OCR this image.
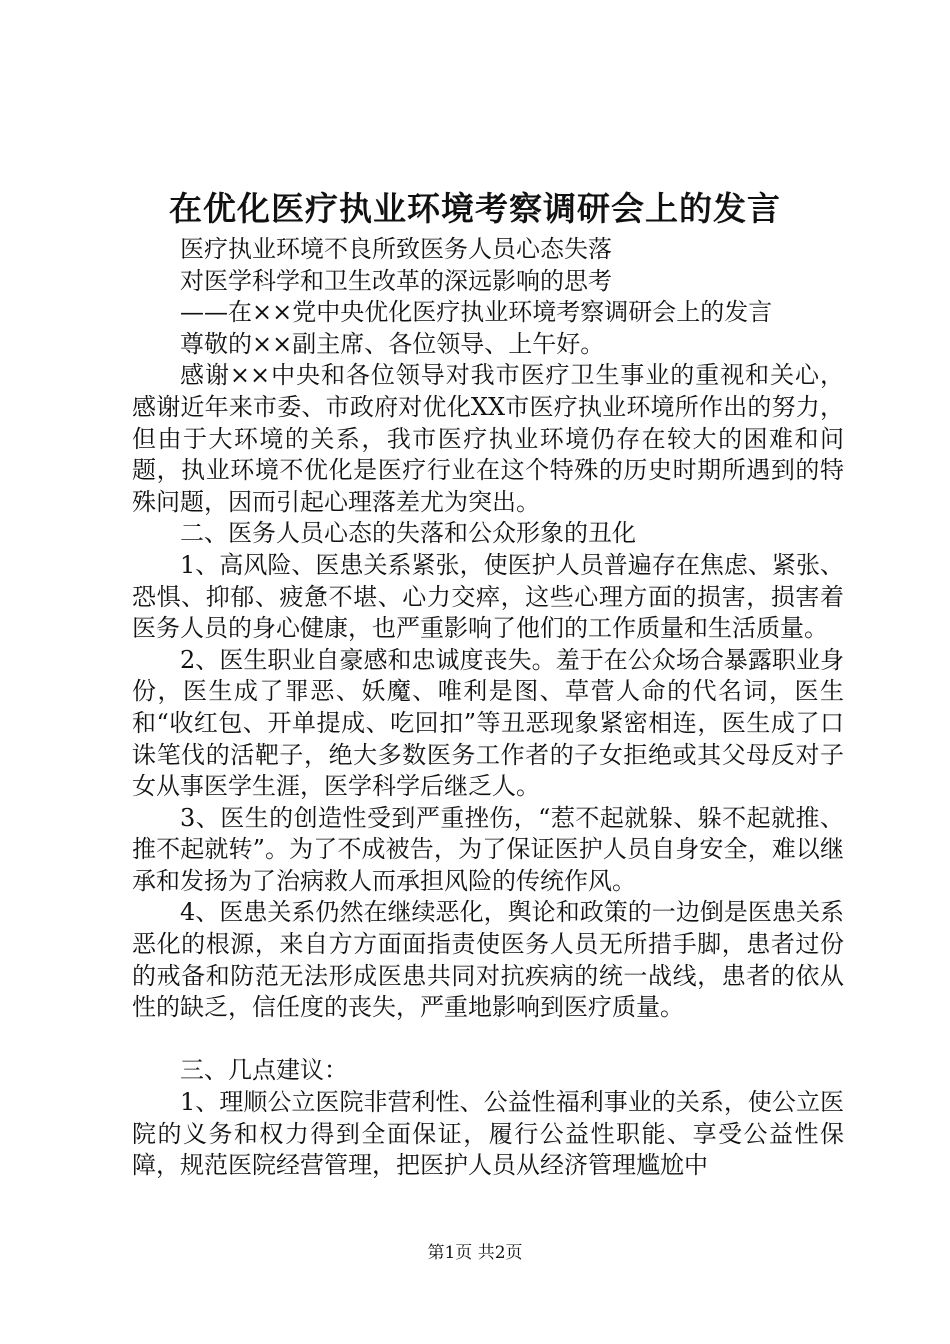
在优化医疗执业环境考察调研会上的发言

医疗执业环境不良所致医务人员心态失落

对医学科学和卫生改革的深远影响的思考

——在××党中央优化医疗执业环境考察调研会上的发言

尊敬的××副主席、各位领导、上午好。

感谢××中央和各位领导对我市医疗卫生事业的重视和关心，感谢近年来市委、市政府对优化XX市医疗执业环境所作出的努力，但由于大环境的关系，我市医疗执业环境仍存在较大的困难和问题，执业环境不优化是医疗行业在这个特殊的历史时期所遇到的特殊问题，因而引起心理落差尤为突出。

二、医务人员心态的失落和公众形象的丑化

1、高风险、医患关系紧张，使医护人员普遍存在焦虑、紧张、恐惧、抑郁、疲惫不堪、心力交瘁，这些心理方面的损害，损害着医务人员的身心健康，也严重影响了他们的工作质量和生活质量。

2、医生职业自豪感和忠诚度丧失。羞于在公众场合暴露职业身份，医生成了罪恶、妖魔、唯利是图、草菅人命的代名词，医生和“收红包、开单提成、吃回扣”等丑恶现象紧密相连，医生成了口诛笔伐的活靶子，绝大多数医务工作者的子女拒绝或其父母反对子女从事医学生涯，医学科学后继乏人。

3、医生的创造性受到严重挫伤，“惹不起就躲、躲不起就推、推不起就转”。为了不成被告，为了保证医护人员自身安全，难以继承和发扬为了治病救人而承担风险的传统作风。

4、医患关系仍然在继续恶化，舆论和政策的一边倒是医患关系恶化的根源，来自方方面面指责使医务人员无所措手脚，患者过份的戒备和防范无法形成医患共同对抗疾病的统一战线，患者的依从性的缺乏，信任度的丧失，严重地影响到医疗质量。

三、几点建议：

1、理顺公立医院非营利性、公益性福利事业的关系，使公立医院的义务和权力得到全面保证，履行公益性职能、享受公益性保障，规范医院经营管理，把医护人员从经济管理尴尬中

第1页 共2页
